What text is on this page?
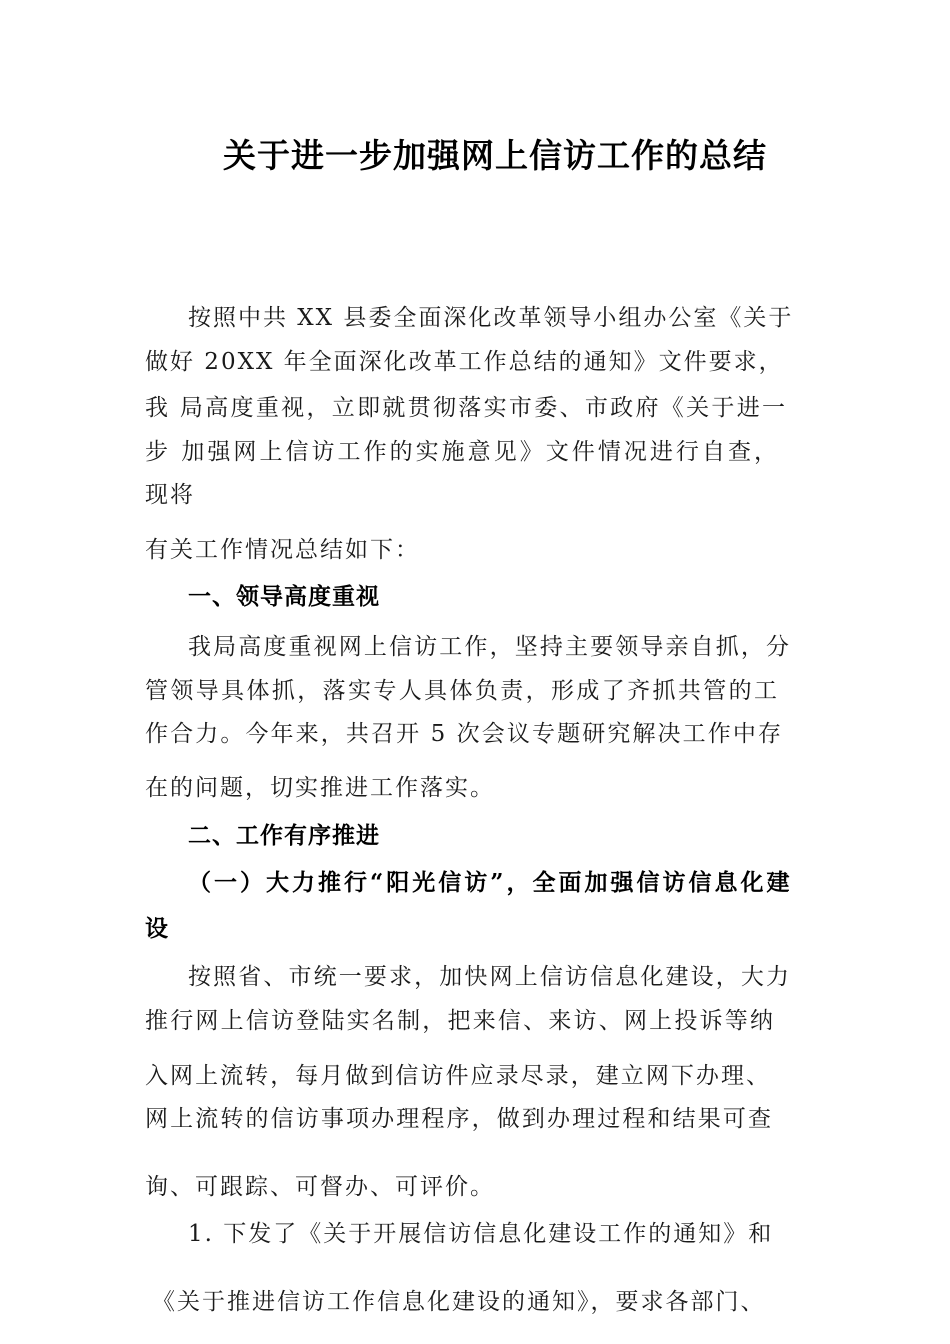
关于进一步加强网上信访工作的总结
按照中共 XX 县委全面深化改革领导小组办公室《关于
做好 20XX 年全面深化改革工作总结的通知》文件要求，
我 局高度重视，立即就贯彻落实市委、市政府《关于进一
步 加强网上信访工作的实施意见》文件情况进行自查，
现将
有关工作情况总结如下：
一、领导高度重视
我局高度重视网上信访工作，坚持主要领导亲自抓，分
管领导具体抓，落实专人具体负责，形成了齐抓共管的工
作合力。今年来，共召开 5 次会议专题研究解决工作中存
在的问题，切实推进工作落实。
二、工作有序推进
（一）大力推行“阳光信访”，全面加强信访信息化建
设
按照省、市统一要求，加快网上信访信息化建设，大力
推行网上信访登陆实名制，把来信、来访、网上投诉等纳
入网上流转，每月做到信访件应录尽录，建立网下办理、
网上流转的信访事项办理程序，做到办理过程和结果可查
询、可跟踪、可督办、可评价。
1. 下发了《关于开展信访信息化建设工作的通知》和
《关于推进信访工作信息化建设的通知》，要求各部门、
